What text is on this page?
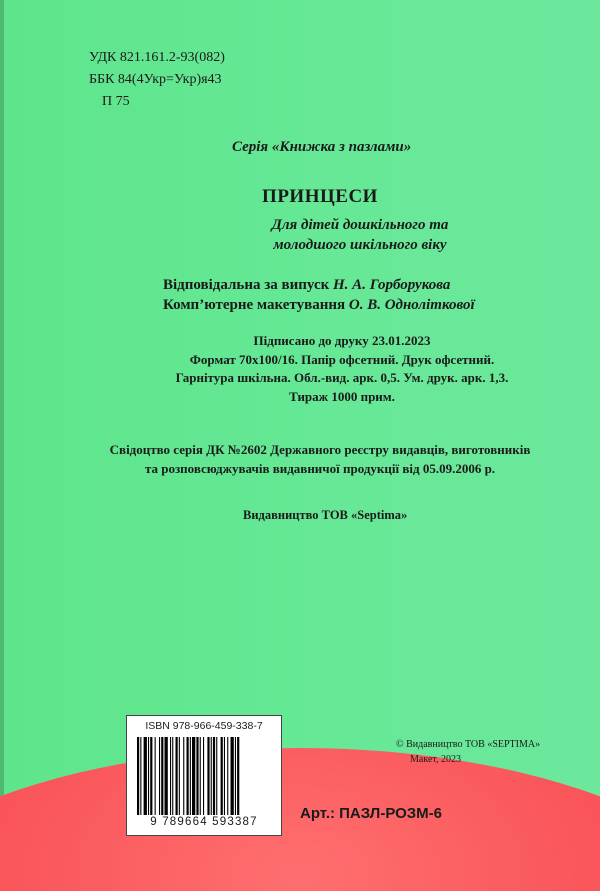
УДК 821.161.2-93(082)
ББК 84(4Укр=Укр)я43
П 75
Серія «Книжка з пазлами»
ПРИНЦЕСИ
Для дітей дошкільного та
молодшого шкільного віку
Відповідальна за випуск Н. А. Горборукова
Комп’ютерне макетування О. В. Одноліткової
Підписано до друку 23.01.2023
Формат 70х100/16. Папір офсетний. Друк офсетний.
Гарнітура шкільна. Обл.-вид. арк. 0,5. Ум. друк. арк. 1,3.
Тираж 1000 прим.
Свідоцтво серія ДК №2602 Державного реєстру видавців, виготовників
та розповсюджувачів видавничої продукції від 05.09.2006 р.
Видавництво ТОВ «Septima»
ISBN 978-966-459-338-7
9 789664 593387
© Видавництво ТОВ «SEPTIMA»
Макет, 2023
Арт.: ПАЗЛ-РОЗМ-6
